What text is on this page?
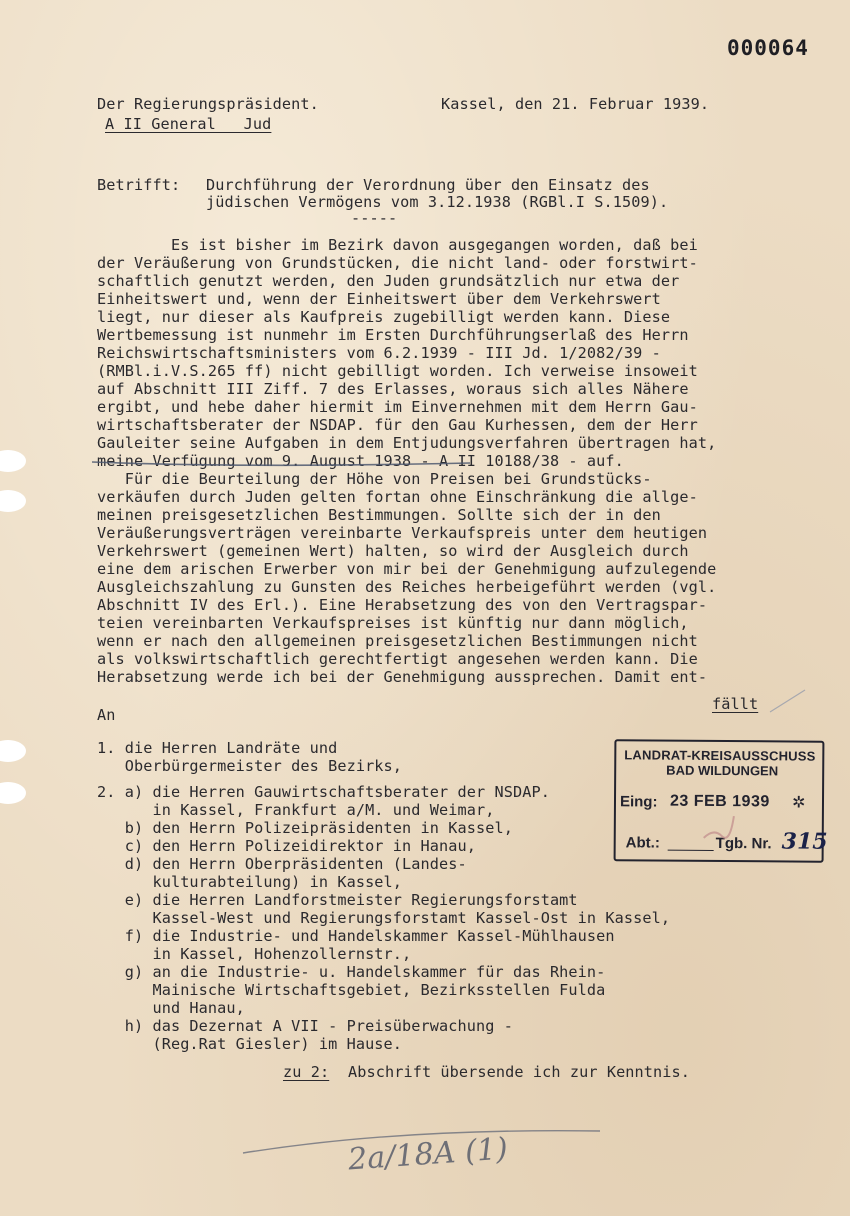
000064
Der Regierungspräsident.
A II General   Jud
Kassel, den 21. Februar 1939.
Betrifft: Durchführung der Verordnung über den Einsatz des
jüdischen Vermögens vom 3.12.1938 (RGBl.I S.1509).
-----
Es ist bisher im Bezirk davon ausgegangen worden, daß bei
der Veräußerung von Grundstücken, die nicht land- oder forstwirt-
schaftlich genutzt werden, den Juden grundsätzlich nur etwa der
Einheitswert und, wenn der Einheitswert über dem Verkehrswert
liegt, nur dieser als Kaufpreis zugebilligt werden kann. Diese
Wertbemessung ist nunmehr im Ersten Durchführungserlaß des Herrn
Reichswirtschaftsministers vom 6.2.1939 - III Jd. 1/2082/39 -
(RMBl.i.V.S.265 ff) nicht gebilligt worden. Ich verweise insoweit
auf Abschnitt III Ziff. 7 des Erlasses, woraus sich alles Nähere
ergibt, und hebe daher hiermit im Einvernehmen mit dem Herrn Gau-
wirtschaftsberater der NSDAP. für den Gau Kurhessen, dem der Herr
Gauleiter seine Aufgaben in dem Entjudungsverfahren übertragen hat,
meine Verfügung vom 9. August 1938 - A II 10188/38 - auf.
Für die Beurteilung der Höhe von Preisen bei Grundstücks-
verkäufen durch Juden gelten fortan ohne Einschränkung die allge-
meinen preisgesetzlichen Bestimmungen. Sollte sich der in den
Veräußerungsverträgen vereinbarte Verkaufspreis unter dem heutigen
Verkehrswert (gemeinen Wert) halten, so wird der Ausgleich durch
eine dem arischen Erwerber von mir bei der Genehmigung aufzulegende
Ausgleichszahlung zu Gunsten des Reiches herbeigeführt werden (vgl.
Abschnitt IV des Erl.). Eine Herabsetzung des von den Vertragspar-
teien vereinbarten Verkaufspreises ist künftig nur dann möglich,
wenn er nach den allgemeinen preisgesetzlichen Bestimmungen nicht
als volkswirtschaftlich gerechtfertigt angesehen werden kann. Die
Herabsetzung werde ich bei der Genehmigung aussprechen. Damit ent-
fällt
An
1. die Herren Landräte und
Oberbürgermeister des Bezirks,
2. a) die Herren Gauwirtschaftsberater der NSDAP.
in Kassel, Frankfurt a/M. und Weimar,
b) den Herrn Polizeipräsidenten in Kassel,
c) den Herrn Polizeidirektor in Hanau,
d) den Herrn Oberpräsidenten (Landes-
kulturabteilung) in Kassel,
e) die Herren Landforstmeister Regierungsforstamt
Kassel-West und Regierungsforstamt Kassel-Ost in Kassel,
f) die Industrie- und Handelskammer Kassel-Mühlhausen
in Kassel, Hohenzollernstr.,
g) an die Industrie- u. Handelskammer für das Rhein-
Mainische Wirtschaftsgebiet, Bezirksstellen Fulda
und Hanau,
h) das Dezernat A VII - Preisüberwachung -
(Reg.Rat Giesler) im Hause.
zu 2: Abschrift übersende ich zur Kenntnis.
LANDRAT-KREISAUSSCHUSS
BAD WILDUNGEN
Eing: 23 FEB 1939 ✲
Abt.:	Tgb. Nr. 315
2a/18A (1)
